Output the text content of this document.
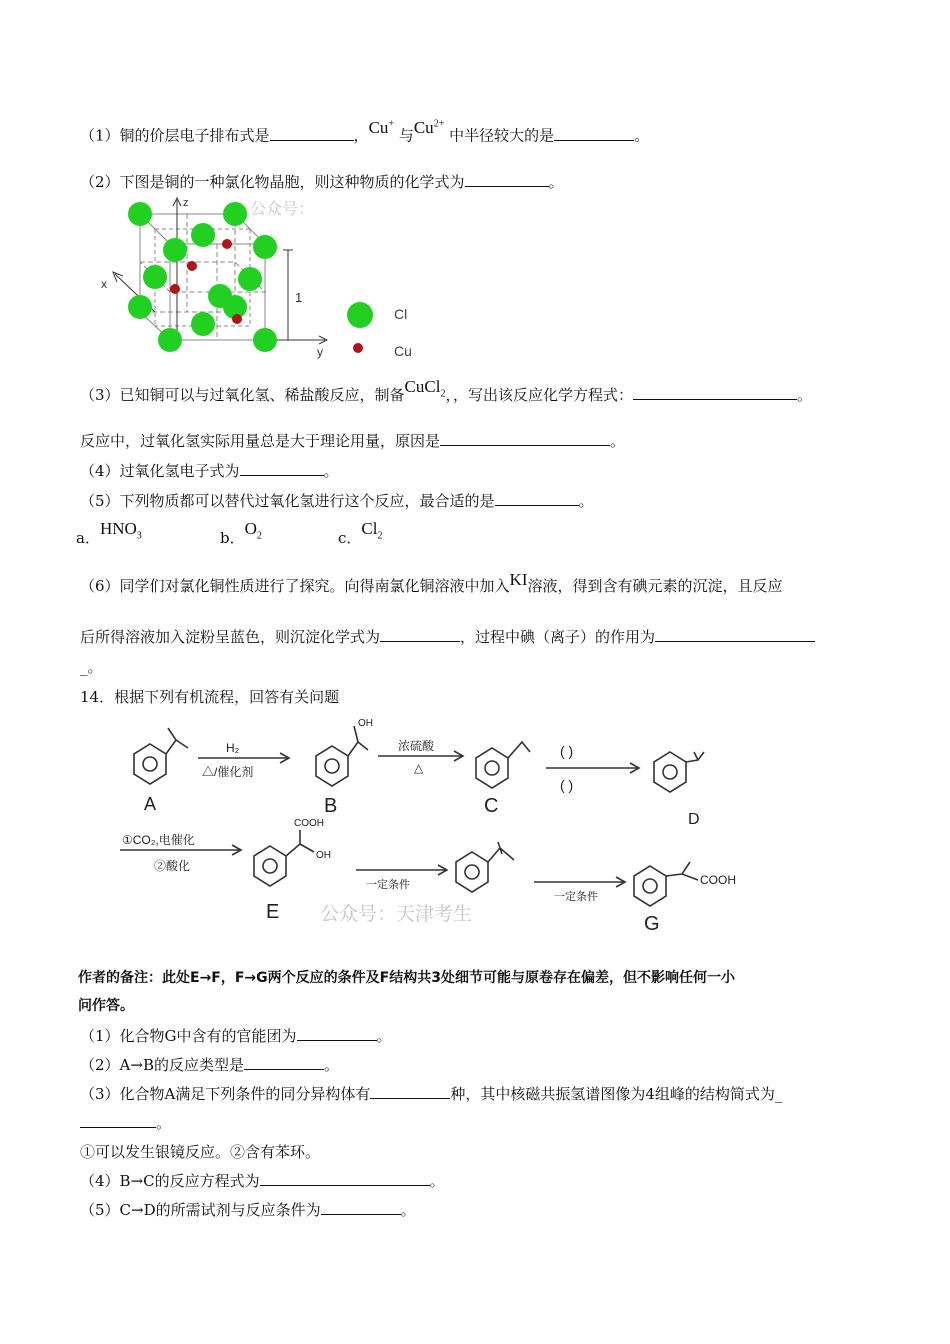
（1）铜的价层电子排布式是	，Cu+ 与$Cu^{2+}$ 中半径较大的是	。
（2）下图是铜的一种氯化物晶胞，则这种物质的化学式为	。
z
x
y
1
公众号：
Cl
Cu
（3）已知铜可以与过氧化氢、稀盐酸反应，制备CuCl$_2$，，写出该反应化学方程式：	。
反应中，过氧化氢实际用量总是大于理论用量，原因是	。
（4）过氧化氢电子式为	。
（5）下列物质都可以替代过氧化氢进行这个反应，最合适的是	。
a．$HNO_3$	b．$O_2$	c．$Cl_2$
（6）同学们对氯化铜性质进行了探究。向得南氯化铜溶液中加入KI溶液，得到含有碘元素的沉淀，且反应
后所得溶液加入淀粉呈蓝色，则沉淀化学式为	，过程中碘（离子）的作用为
_。
14．根据下列有机流程，回答有关问题
A	B	C
D
E
G
H₂
△/催化剂
浓硫酸
△
( )
( )
①CO₂,电催化
②酸化
一定条件
一定条件
OH
COOH
OH
COOH
公众号：天津考生
作者的备注：此处E→F，F→G两个反应的条件及F结构共3处细节可能与原卷存在偏差，但不影响任何一小
问作答。
（1）化合物G中含有的官能团为	。
（2）A→B的反应类型是	。
（3）化合物A满足下列条件的同分异构体有	种，其中核磁共振氢谱图像为4组峰的结构简式为_
。
①可以发生银镜反应。②含有苯环。
（4）B→C的反应方程式为	。
（5）C→D的所需试剂与反应条件为	。
